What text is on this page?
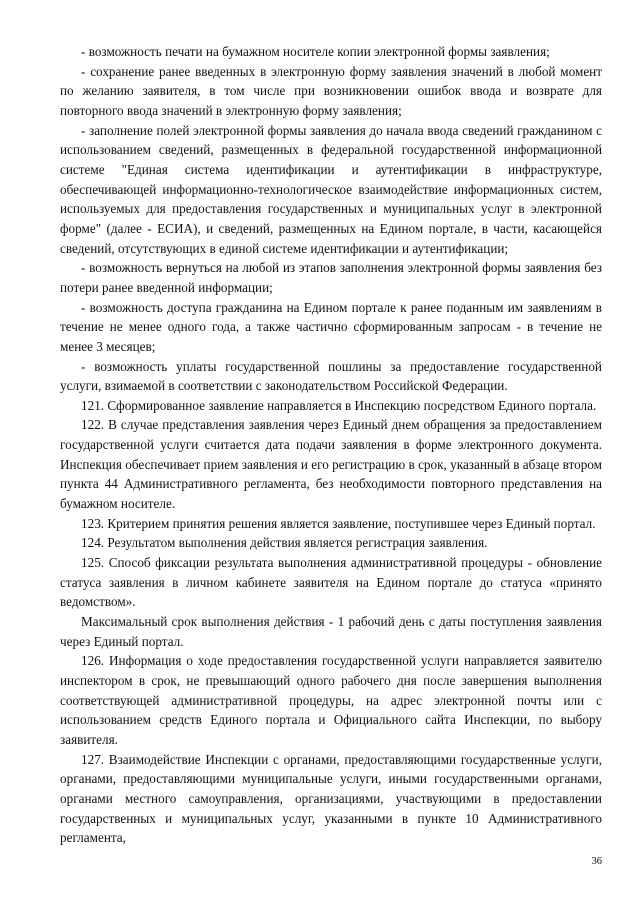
- возможность печати на бумажном носителе копии электронной формы заявления;

- сохранение ранее введенных в электронную форму заявления значений в любой момент по желанию заявителя, в том числе при возникновении ошибок ввода и возврате для повторного ввода значений в электронную форму заявления;

- заполнение полей электронной формы заявления до начала ввода сведений гражданином с использованием сведений, размещенных в федеральной государственной информационной системе "Единая система идентификации и аутентификации в инфраструктуре, обеспечивающей информационно-технологическое взаимодействие информационных систем, используемых для предоставления государственных и муниципальных услуг в электронной форме" (далее - ЕСИА), и сведений, размещенных на Едином портале, в части, касающейся сведений, отсутствующих в единой системе идентификации и аутентификации;

- возможность вернуться на любой из этапов заполнения электронной формы заявления без потери ранее введенной информации;

- возможность доступа гражданина на Едином портале к ранее поданным им заявлениям в течение не менее одного года, а также частично сформированным запросам - в течение не менее 3 месяцев;

- возможность уплаты государственной пошлины за предоставление государственной услуги, взимаемой в соответствии с законодательством Российской Федерации.

121. Сформированное заявление направляется в Инспекцию посредством Единого портала.

122. В случае представления заявления через Единый днем обращения за предоставлением государственной услуги считается дата подачи заявления в форме электронного документа. Инспекция обеспечивает прием заявления и его регистрацию в срок, указанный в абзаце втором пункта 44 Административного регламента, без необходимости повторного представления на бумажном носителе.

123. Критерием принятия решения является заявление, поступившее через Единый портал.

124. Результатом выполнения действия является регистрация заявления.

125. Способ фиксации результата выполнения административной процедуры - обновление статуса заявления в личном кабинете заявителя на Едином портале до статуса «принято ведомством».

Максимальный срок выполнения действия - 1 рабочий день с даты поступления заявления через Единый портал.

126. Информация о ходе предоставления государственной услуги направляется заявителю инспектором в срок, не превышающий одного рабочего дня после завершения выполнения соответствующей административной процедуры, на адрес электронной почты или с использованием средств Единого портала и Официального сайта Инспекции, по выбору заявителя.

127. Взаимодействие Инспекции с органами, предоставляющими государственные услуги, органами, предоставляющими муниципальные услуги, иными государственными органами, органами местного самоуправления, организациями, участвующими в предоставлении государственных и муниципальных услуг, указанными в пункте 10 Административного регламента,

36
